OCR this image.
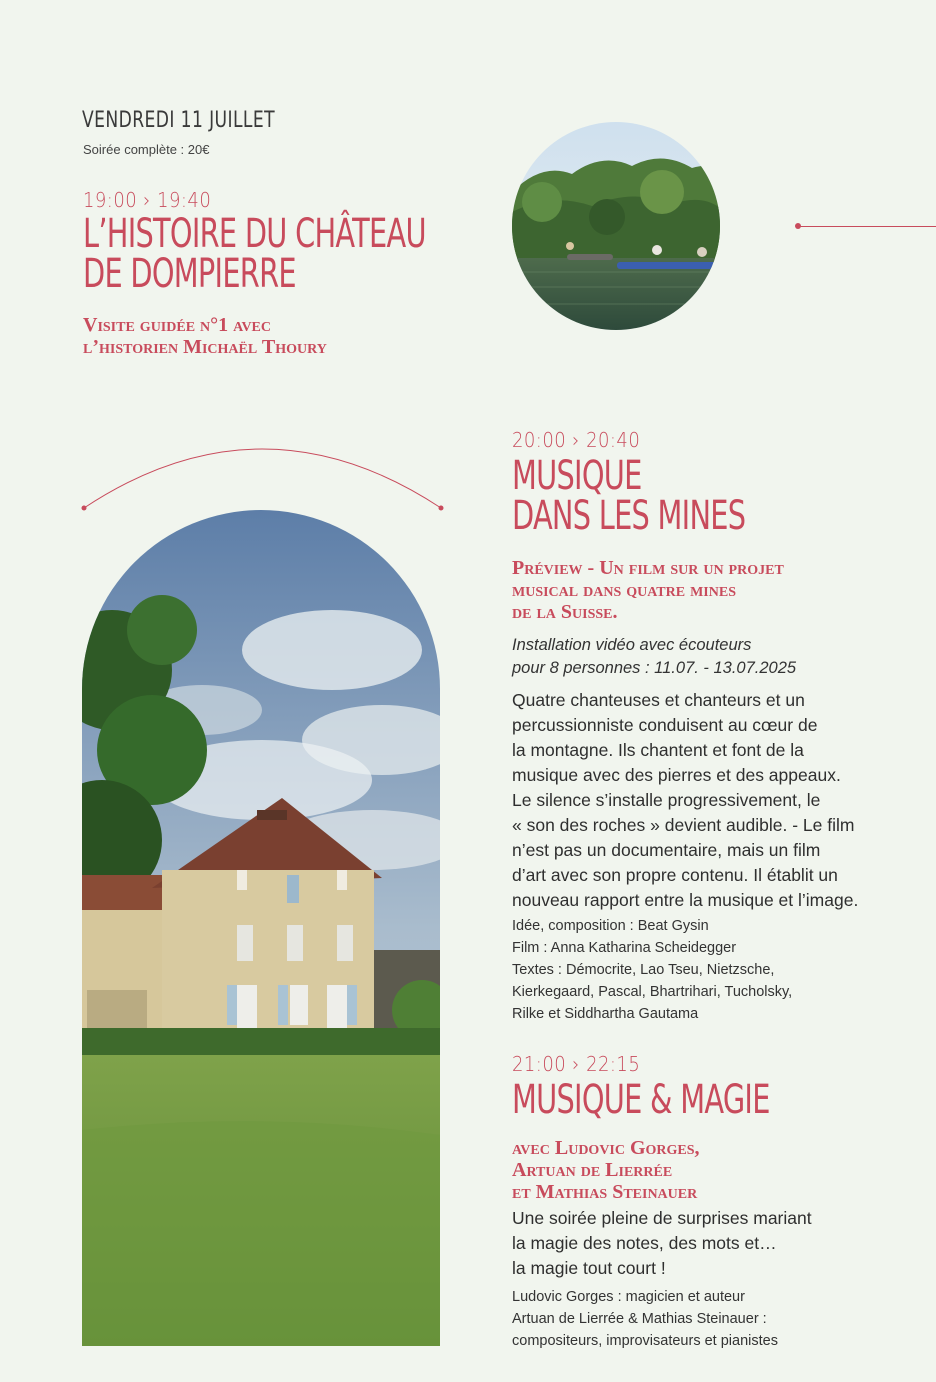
VENDREDI 11 JUILLET
Soirée complète : 20€
19:00 › 19:40
L’HISTOIRE DU CHÂTEAU
DE DOMPIERRE
Visite guidée n°1 avec
l’historien Michaël Thoury
20:00 › 20:40
MUSIQUE
DANS LES MINES
Préview - Un film sur un projet
musical dans quatre mines
de la Suisse.
Installation vidéo avec écouteurs
pour 8 personnes : 11.07. - 13.07.2025
Quatre chanteuses et chanteurs et un
percussionniste conduisent au cœur de
la montagne. Ils chantent et font de la
musique avec des pierres et des appeaux.
Le silence s’installe progressivement, le
« son des roches » devient audible. - Le film
n’est pas un documentaire, mais un film
d’art avec son propre contenu. Il établit un
nouveau rapport entre la musique et l’image.
Idée, composition : Beat Gysin
Film : Anna Katharina Scheidegger
Textes : Démocrite, Lao Tseu, Nietzsche,
Kierkegaard, Pascal, Bhartrihari, Tucholsky,
Rilke et Siddhartha Gautama
21:00 › 22:15
MUSIQUE & MAGIE
avec Ludovic Gorges,
Artuan de Lierrée
et Mathias Steinauer
Une soirée pleine de surprises mariant
la magie des notes, des mots et…
la magie tout court !
Ludovic Gorges : magicien et auteur
Artuan de Lierrée & Mathias Steinauer :
compositeurs, improvisateurs et pianistes
